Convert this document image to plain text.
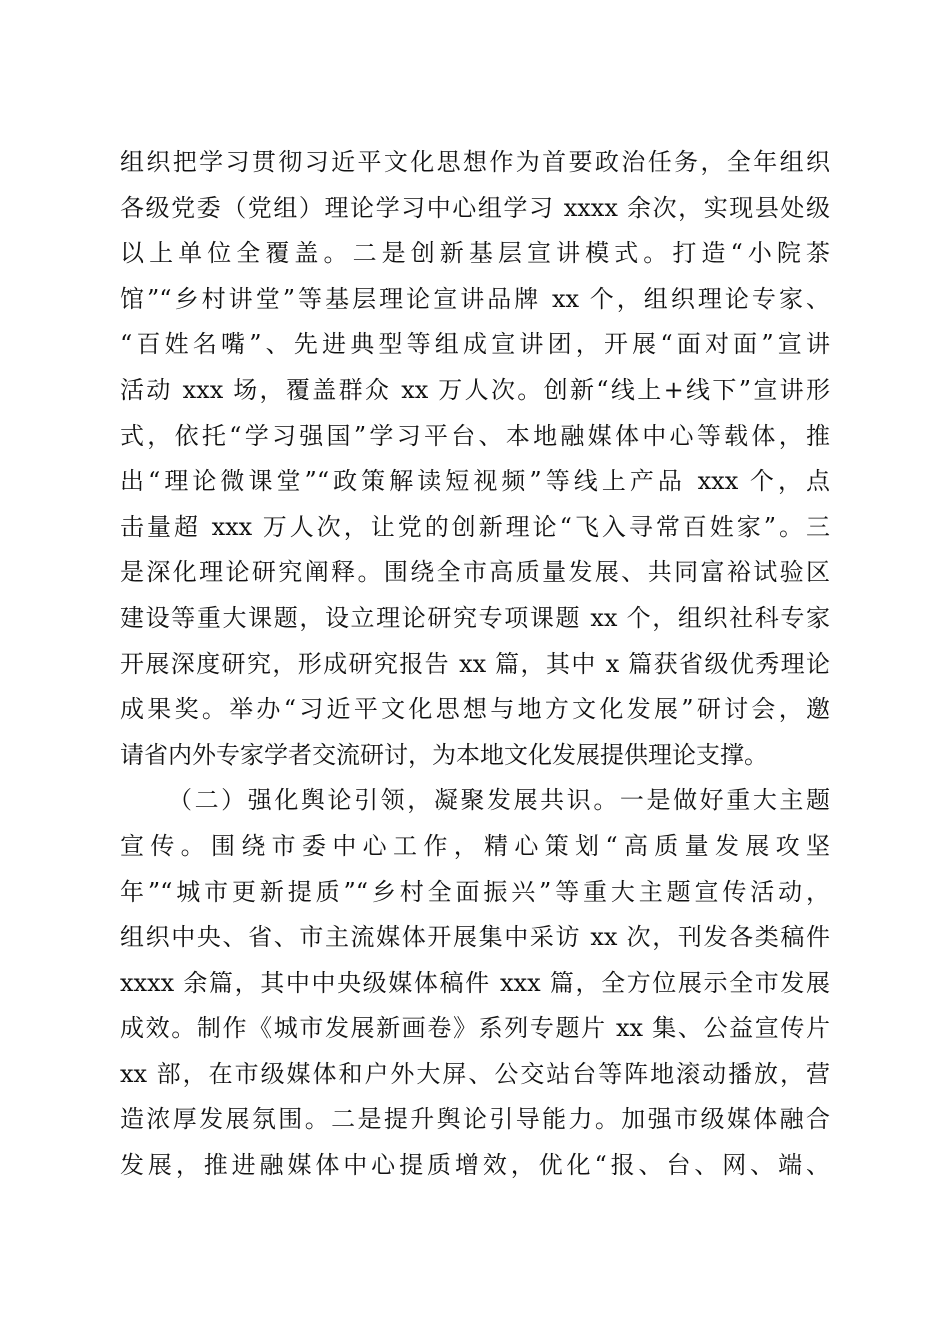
组织把学习贯彻习近平文化思想作为首要政治任务，全年组织
各级党委（党组）理论学习中心组学习 xxxx 余次，实现县处级
以上单位全覆盖。二是创新基层宣讲模式。打造“小院茶
馆”“乡村讲堂”等基层理论宣讲品牌 xx 个，组织理论专家、
“百姓名嘴”、先进典型等组成宣讲团，开展“面对面”宣讲
活动 xxx 场，覆盖群众 xx 万人次。创新“线上+线下”宣讲形
式，依托“学习强国”学习平台、本地融媒体中心等载体，推
出“理论微课堂”“政策解读短视频”等线上产品 xxx 个，点
击量超 xxx 万人次，让党的创新理论“飞入寻常百姓家”。三
是深化理论研究阐释。围绕全市高质量发展、共同富裕试验区
建设等重大课题，设立理论研究专项课题 xx 个，组织社科专家
开展深度研究，形成研究报告 xx 篇，其中 x 篇获省级优秀理论
成果奖。举办“习近平文化思想与地方文化发展”研讨会，邀
请省内外专家学者交流研讨，为本地文化发展提供理论支撑。
（二）强化舆论引领，凝聚发展共识。一是做好重大主题
宣传。围绕市委中心工作，精心策划“高质量发展攻坚
年”“城市更新提质”“乡村全面振兴”等重大主题宣传活动，
组织中央、省、市主流媒体开展集中采访 xx 次，刊发各类稿件
xxxx 余篇，其中中央级媒体稿件 xxx 篇，全方位展示全市发展
成效。制作《城市发展新画卷》系列专题片 xx 集、公益宣传片
xx 部，在市级媒体和户外大屏、公交站台等阵地滚动播放，营
造浓厚发展氛围。二是提升舆论引导能力。加强市级媒体融合
发展，推进融媒体中心提质增效，优化“报、台、网、端、
